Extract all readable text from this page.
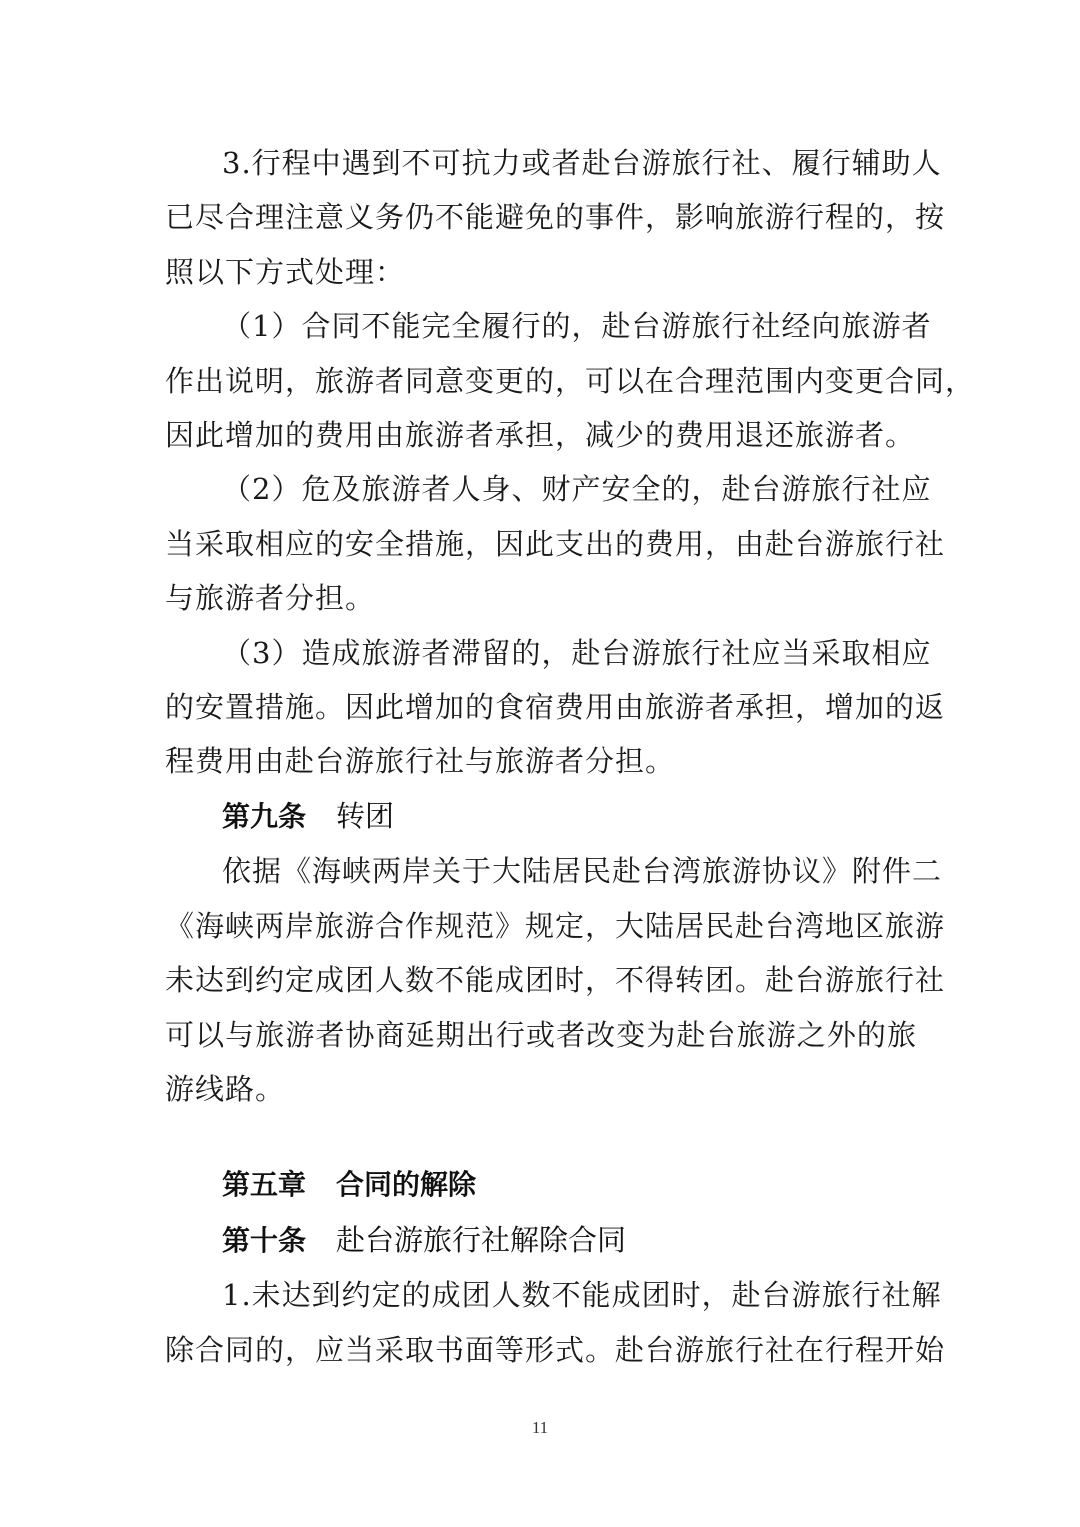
3.行程中遇到不可抗力或者赴台游旅行社、履行辅助人

已尽合理注意义务仍不能避免的事件，影响旅游行程的，按

照以下方式处理：

（1）合同不能完全履行的，赴台游旅行社经向旅游者

作出说明，旅游者同意变更的，可以在合理范围内变更合同，

因此增加的费用由旅游者承担，减少的费用退还旅游者。

（2）危及旅游者人身、财产安全的，赴台游旅行社应

当采取相应的安全措施，因此支出的费用，由赴台游旅行社

与旅游者分担。

（3）造成旅游者滞留的，赴台游旅行社应当采取相应

的安置措施。因此增加的食宿费用由旅游者承担，增加的返

程费用由赴台游旅行社与旅游者分担。

第九条 转团

依据《海峡两岸关于大陆居民赴台湾旅游协议》附件二

《海峡两岸旅游合作规范》规定，大陆居民赴台湾地区旅游

未达到约定成团人数不能成团时，不得转团。赴台游旅行社

可以与旅游者协商延期出行或者改变为赴台旅游之外的旅

游线路。

第五章 合同的解除

第十条 赴台游旅行社解除合同

1.未达到约定的成团人数不能成团时，赴台游旅行社解

除合同的，应当采取书面等形式。赴台游旅行社在行程开始

11
